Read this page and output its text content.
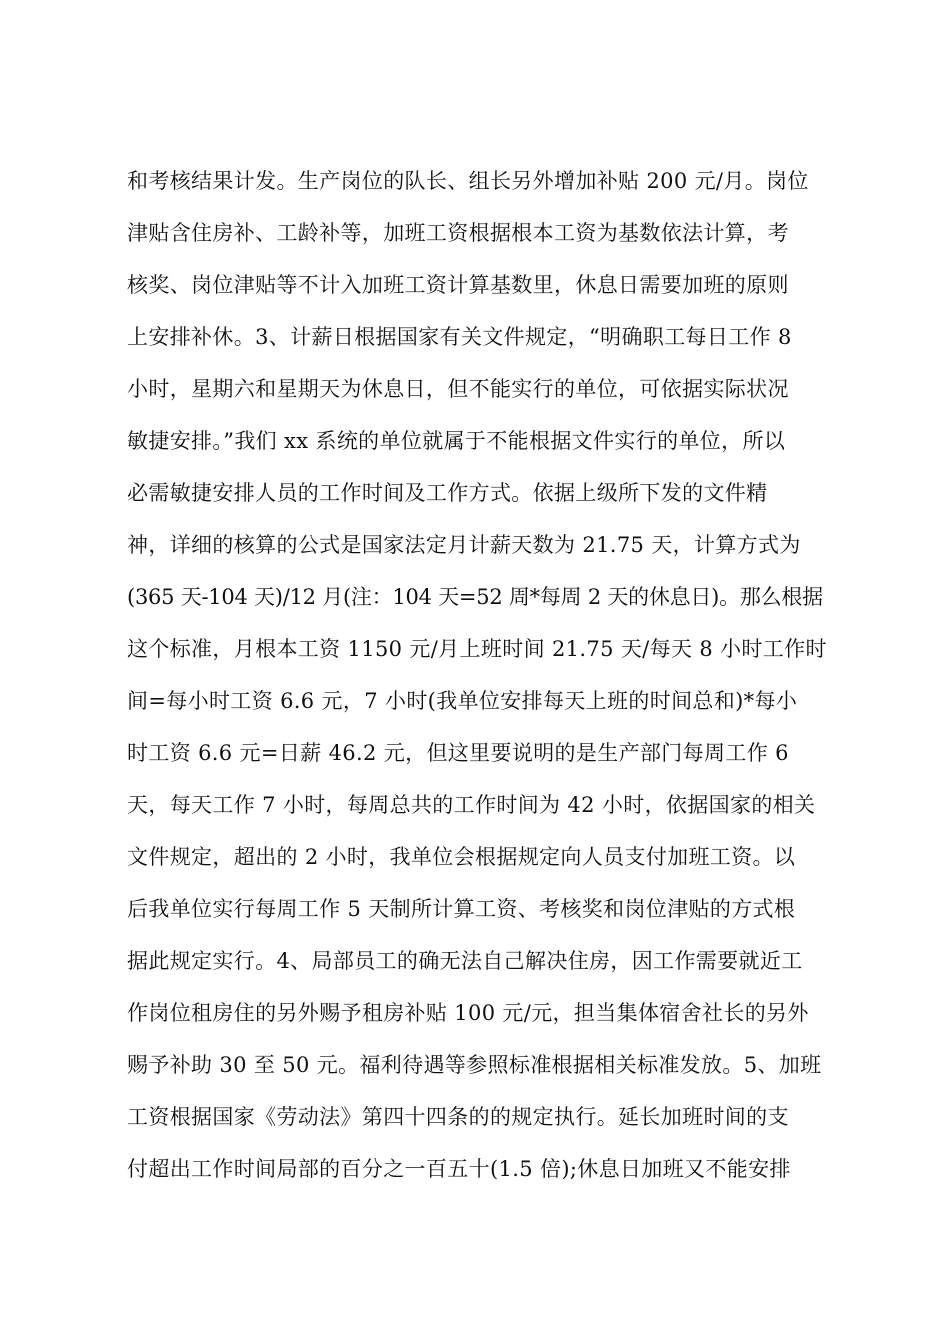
和考核结果计发。生产岗位的队长、组长另外增加补贴 200 元/月。岗位
津贴含住房补、工龄补等，加班工资根据根本工资为基数依法计算，考
核奖、岗位津贴等不计入加班工资计算基数里，休息日需要加班的原则
上安排补休。3、计薪日根据国家有关文件规定，“明确职工每日工作 8
小时，星期六和星期天为休息日，但不能实行的单位，可依据实际状况
敏捷安排。”我们 xx 系统的单位就属于不能根据文件实行的单位，所以
必需敏捷安排人员的工作时间及工作方式。依据上级所下发的文件精
神，详细的核算的公式是国家法定月计薪天数为 21.75 天，计算方式为
(365 天-104 天)/12 月(注：104 天=52 周*每周 2 天的休息日)。那么根据
这个标准，月根本工资 1150 元/月上班时间 21.75 天/每天 8 小时工作时
间=每小时工资 6.6 元，7 小时(我单位安排每天上班的时间总和)*每小
时工资 6.6 元=日薪 46.2 元，但这里要说明的是生产部门每周工作 6
天，每天工作 7 小时，每周总共的工作时间为 42 小时，依据国家的相关
文件规定，超出的 2 小时，我单位会根据规定向人员支付加班工资。以
后我单位实行每周工作 5 天制所计算工资、考核奖和岗位津贴的方式根
据此规定实行。4、局部员工的确无法自己解决住房，因工作需要就近工
作岗位租房住的另外赐予租房补贴 100 元/元，担当集体宿舍社长的另外
赐予补助 30 至 50 元。福利待遇等参照标准根据相关标准发放。5、加班
工资根据国家《劳动法》第四十四条的的规定执行。延长加班时间的支
付超出工作时间局部的百分之一百五十(1.5 倍);休息日加班又不能安排
